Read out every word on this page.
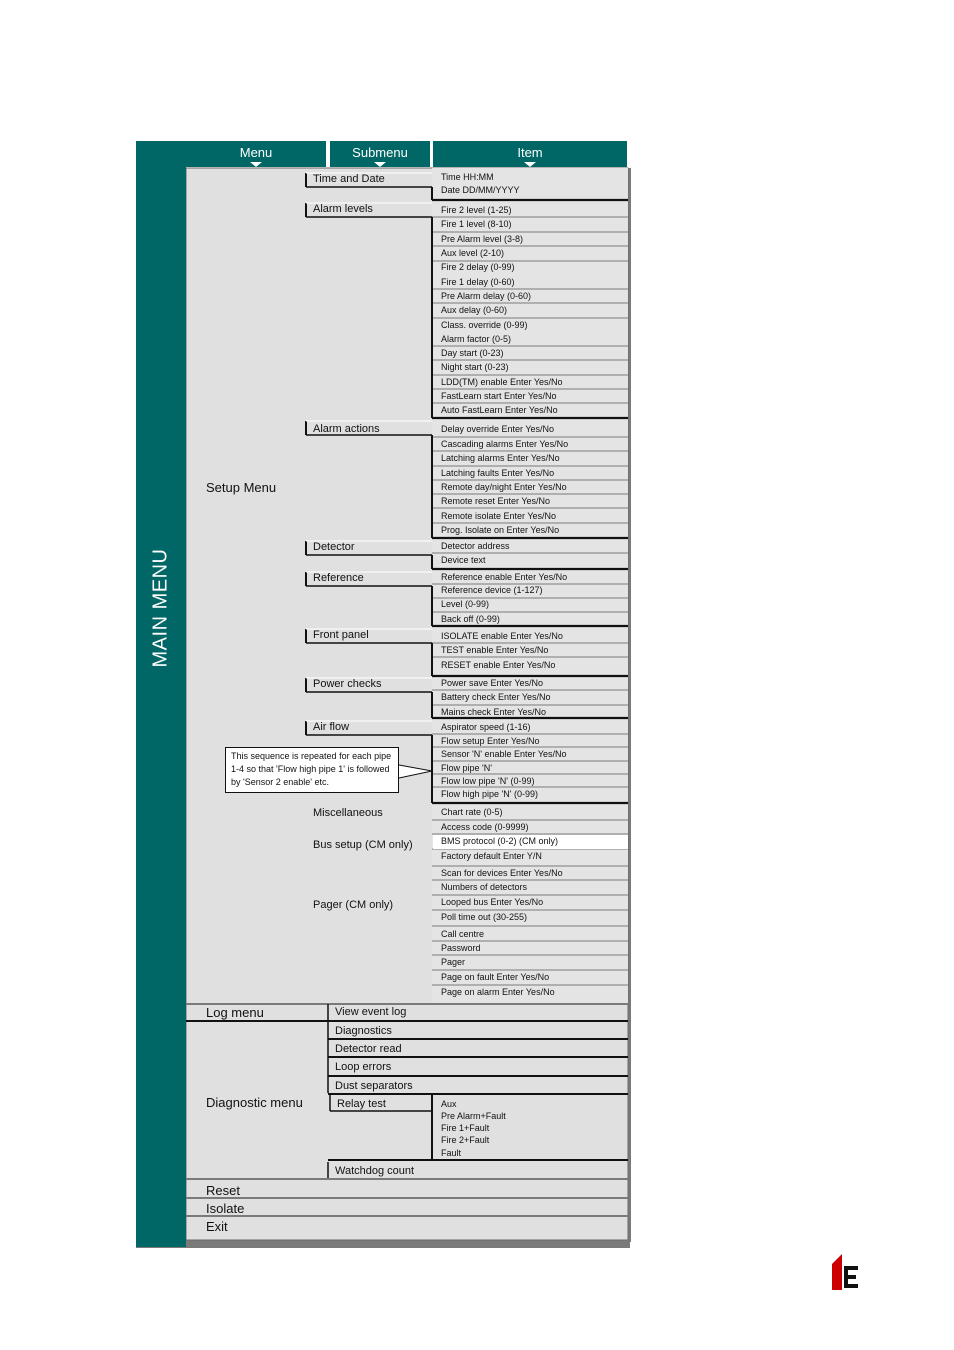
Menu	Submenu	Item
MAIN MENU
Setup Menu
Log menu
Diagnostic menu
Reset
Isolate
Exit
Time and Date
Alarm levels
Alarm actions
Detector
Reference
Front panel
Power checks
Air flow
Miscellaneous
Bus setup (CM only)
Pager (CM only)
Time HH:MM
Date DD/MM/YYYY
Fire 2 level (1-25)
Fire 1 level (8-10)
Pre Alarm level (3-8)
Aux level (2-10)
Fire 2 delay (0-99)
Fire 1 delay (0-60)
Pre Alarm delay (0-60)
Aux delay (0-60)
Class. override (0-99)
Alarm factor (0-5)
Day start (0-23)
Night start (0-23)
LDD(TM) enable Enter Yes/No
FastLearn start Enter Yes/No
Auto FastLearn Enter Yes/No
Delay override Enter Yes/No
Cascading alarms Enter Yes/No
Latching alarms Enter Yes/No
Latching faults Enter Yes/No
Remote day/night Enter Yes/No
Remote reset Enter Yes/No
Remote isolate Enter Yes/No
Prog. Isolate on Enter Yes/No
Detector address
Device text
Reference enable Enter Yes/No
Reference device (1-127)
Level (0-99)
Back off (0-99)
ISOLATE enable Enter Yes/No
TEST enable Enter Yes/No
RESET enable Enter Yes/No
Power save Enter Yes/No
Battery check Enter Yes/No
Mains check Enter Yes/No
Aspirator speed (1-16)
Flow setup Enter Yes/No
Sensor 'N' enable Enter Yes/No
Flow pipe 'N'
Flow low pipe 'N' (0-99)
Flow high pipe 'N' (0-99)
Chart rate (0-5)
Access code (0-9999)
BMS protocol (0-2) (CM only)
Factory default Enter Y/N
Scan for devices Enter Yes/No
Numbers of detectors
Looped bus Enter Yes/No
Poll time out (30-255)
Call centre
Password
Pager
Page on fault Enter Yes/No
Page on alarm Enter Yes/No
View event log
Diagnostics
Detector read
Loop errors
Dust separators
Relay test
Watchdog count
Aux
Pre Alarm+Fault
Fire 1+Fault
Fire 2+Fault
Fault
This sequence is repeated for each pipe 1-4 so that 'Flow high pipe 1' is followed by 'Sensor 2 enable' etc.
